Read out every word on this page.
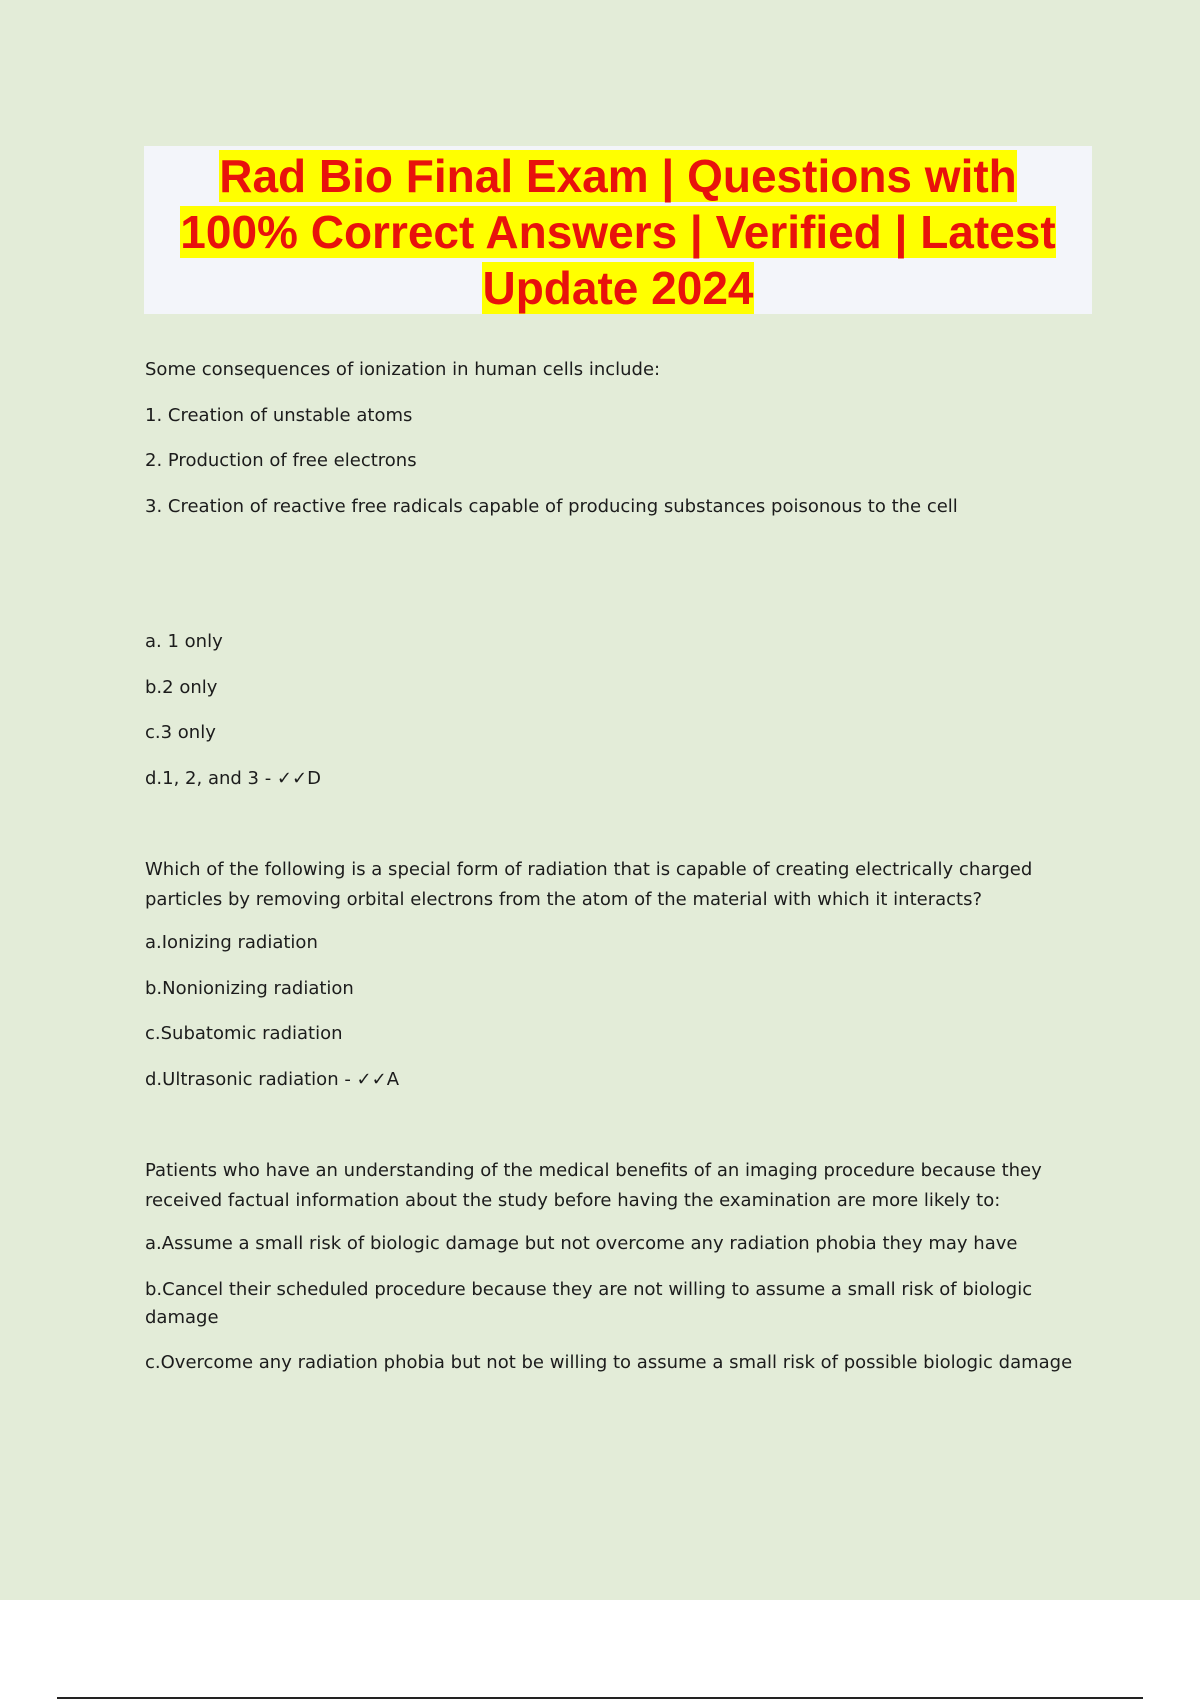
Rad Bio Final Exam | Questions with
100% Correct Answers | Verified | Latest
Update 2024

Some consequences of ionization in human cells include:

1. Creation of unstable atoms

2. Production of free electrons

3. Creation of reactive free radicals capable of producing substances poisonous to the cell

a. 1 only

b.2 only

c.3 only

d.1, 2, and 3 - ✓✓D

Which of the following is a special form of radiation that is capable of creating electrically charged

particles by removing orbital electrons from the atom of the material with which it interacts?

a.Ionizing radiation

b.Nonionizing radiation

c.Subatomic radiation

d.Ultrasonic radiation - ✓✓A

Patients who have an understanding of the medical benefits of an imaging procedure because they

received factual information about the study before having the examination are more likely to:

a.Assume a small risk of biologic damage but not overcome any radiation phobia they may have

b.Cancel their scheduled procedure because they are not willing to assume a small risk of biologic

damage

c.Overcome any radiation phobia but not be willing to assume a small risk of possible biologic damage
